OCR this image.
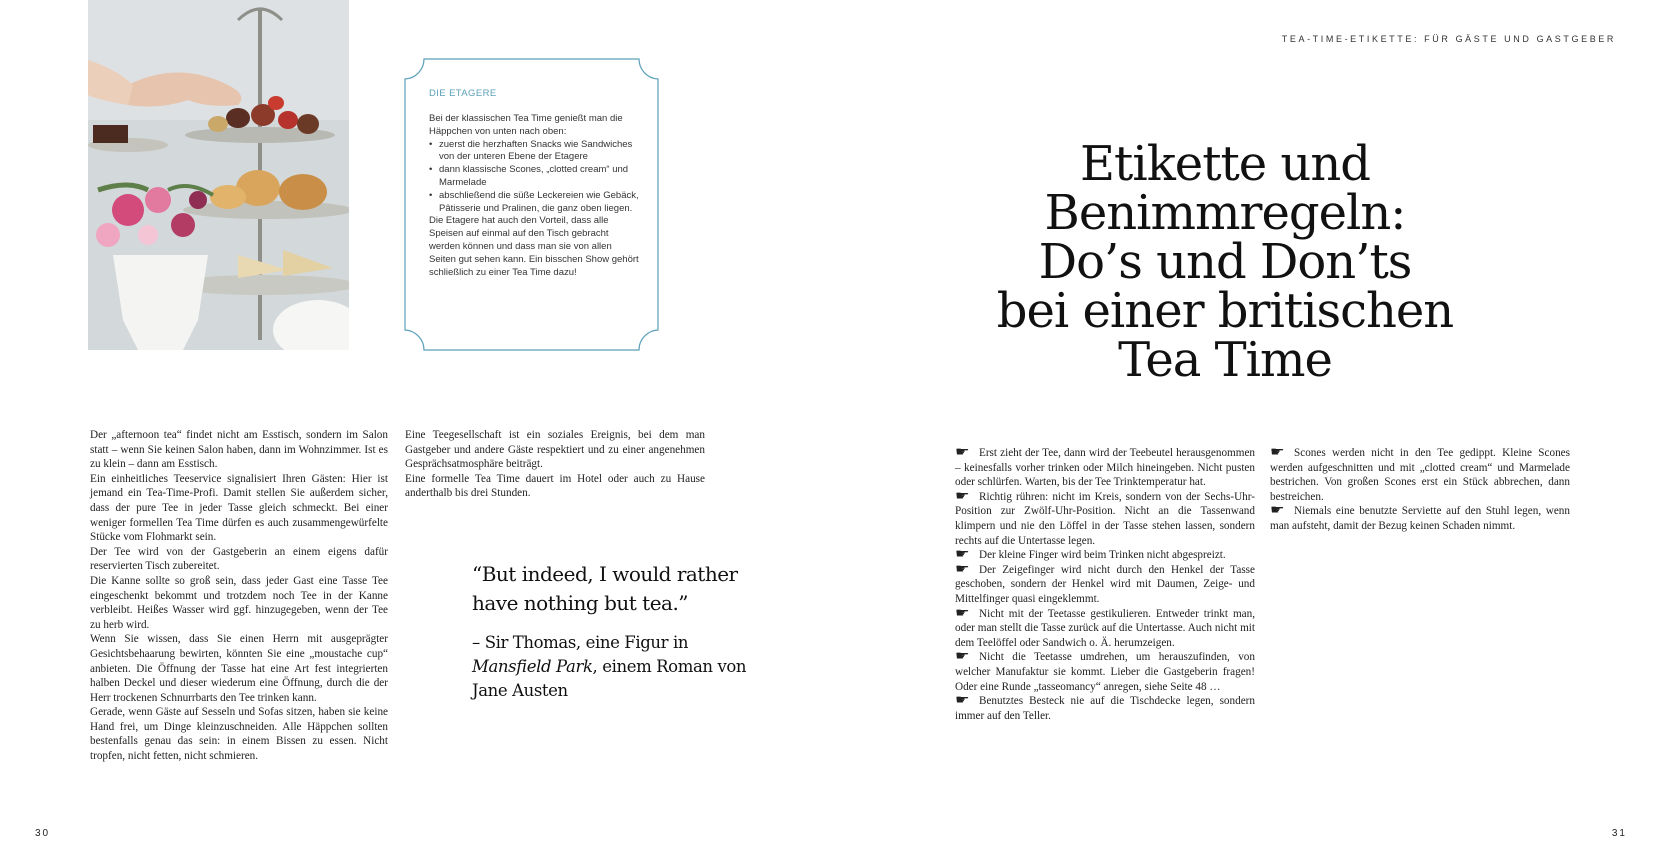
DIE ETAGERE

Bei der klassischen Tea Time genießt man die Häppchen von unten nach oben:

• zuerst die herzhaften Snacks wie Sandwiches von der unteren Ebene der Etagere
• dann klassische Scones, „clotted cream“ und Marmelade
• abschließend die süße Leckereien wie Gebäck, Pâtisserie und Pralinen, die ganz oben liegen.

Die Etagere hat auch den Vorteil, dass alle Speisen auf einmal auf den Tisch gebracht werden können und dass man sie von allen Seiten gut sehen kann. Ein bisschen Show gehört schließlich zu einer Tea Time dazu!

TEA-TIME-ETIKETTE: FÜR GÄSTE UND GASTGEBER
Etikette und
Benimmregeln:
Do’s und Don’ts
bei einer britischen
Tea Time

Der „afternoon tea“ findet nicht am Esstisch, sondern im Salon statt – wenn Sie keinen Salon haben, dann im Wohnzimmer. Ist es zu klein – dann am Esstisch.

Ein einheitliches Teeservice signalisiert Ihren Gästen: Hier ist jemand ein Tea-Time-Profi. Damit stellen Sie außerdem sicher, dass der pure Tee in jeder Tasse gleich schmeckt. Bei einer weniger formellen Tea Time dürfen es auch zusammengewürfelte Stücke vom Flohmarkt sein.

Der Tee wird von der Gastgeberin an einem eigens dafür reservierten Tisch zubereitet.

Die Kanne sollte so groß sein, dass jeder Gast eine Tasse Tee eingeschenkt bekommt und trotzdem noch Tee in der Kanne verbleibt. Heißes Wasser wird ggf. hinzugegeben, wenn der Tee zu herb wird.

Wenn Sie wissen, dass Sie einen Herrn mit ausgeprägter Gesichtsbehaarung bewirten, könnten Sie eine „moustache cup“ anbieten. Die Öffnung der Tasse hat eine Art fest integrierten halben Deckel und dieser wiederum eine Öffnung, durch die der Herr trockenen Schnurrbarts den Tee trinken kann.

Gerade, wenn Gäste auf Sesseln und Sofas sitzen, haben sie keine Hand frei, um Dinge kleinzuschneiden. Alle Häppchen sollten bestenfalls genau das sein: in einem Bissen zu essen. Nicht tropfen, nicht fetten, nicht schmieren.

Eine Teegesellschaft ist ein soziales Ereignis, bei dem man Gastgeber und andere Gäste respektiert und zu einer angenehmen Gesprächsatmosphäre beiträgt.

Eine formelle Tea Time dauert im Hotel oder auch zu Hause anderthalb bis drei Stunden.

“But indeed, I would rather have nothing but tea.”
– Sir Thomas, eine Figur in Mansfield Park, einem Roman von Jane Austen

☛ Erst zieht der Tee, dann wird der Teebeutel herausgenommen – keinesfalls vorher trinken oder Milch hineingeben. Nicht pusten oder schlürfen. Warten, bis der Tee Trinktemperatur hat.

☛ Richtig rühren: nicht im Kreis, sondern von der Sechs-Uhr-Position zur Zwölf-Uhr-Position. Nicht an die Tassenwand klimpern und nie den Löffel in der Tasse stehen lassen, sondern rechts auf die Untertasse legen.

☛ Der kleine Finger wird beim Trinken nicht abgespreizt.

☛ Der Zeigefinger wird nicht durch den Henkel der Tasse geschoben, sondern der Henkel wird mit Daumen, Zeige- und Mittelfinger quasi eingeklemmt.

☛ Nicht mit der Teetasse gestikulieren. Entweder trinkt man, oder man stellt die Tasse zurück auf die Untertasse. Auch nicht mit dem Teelöffel oder Sandwich o. Ä. herumzeigen.

☛ Nicht die Teetasse umdrehen, um herauszufinden, von welcher Manufaktur sie kommt. Lieber die Gastgeberin fragen! Oder eine Runde „tasseomancy“ anregen, siehe Seite 48 …

☛ Benutztes Besteck nie auf die Tischdecke legen, sondern immer auf den Teller.

☛ Scones werden nicht in den Tee gedippt. Kleine Scones werden aufgeschnitten und mit „clotted cream“ und Marmelade bestrichen. Von großen Scones erst ein Stück abbrechen, dann bestreichen.

☛ Niemals eine benutzte Serviette auf den Stuhl legen, wenn man aufsteht, damit der Bezug keinen Schaden nimmt.

30	31
